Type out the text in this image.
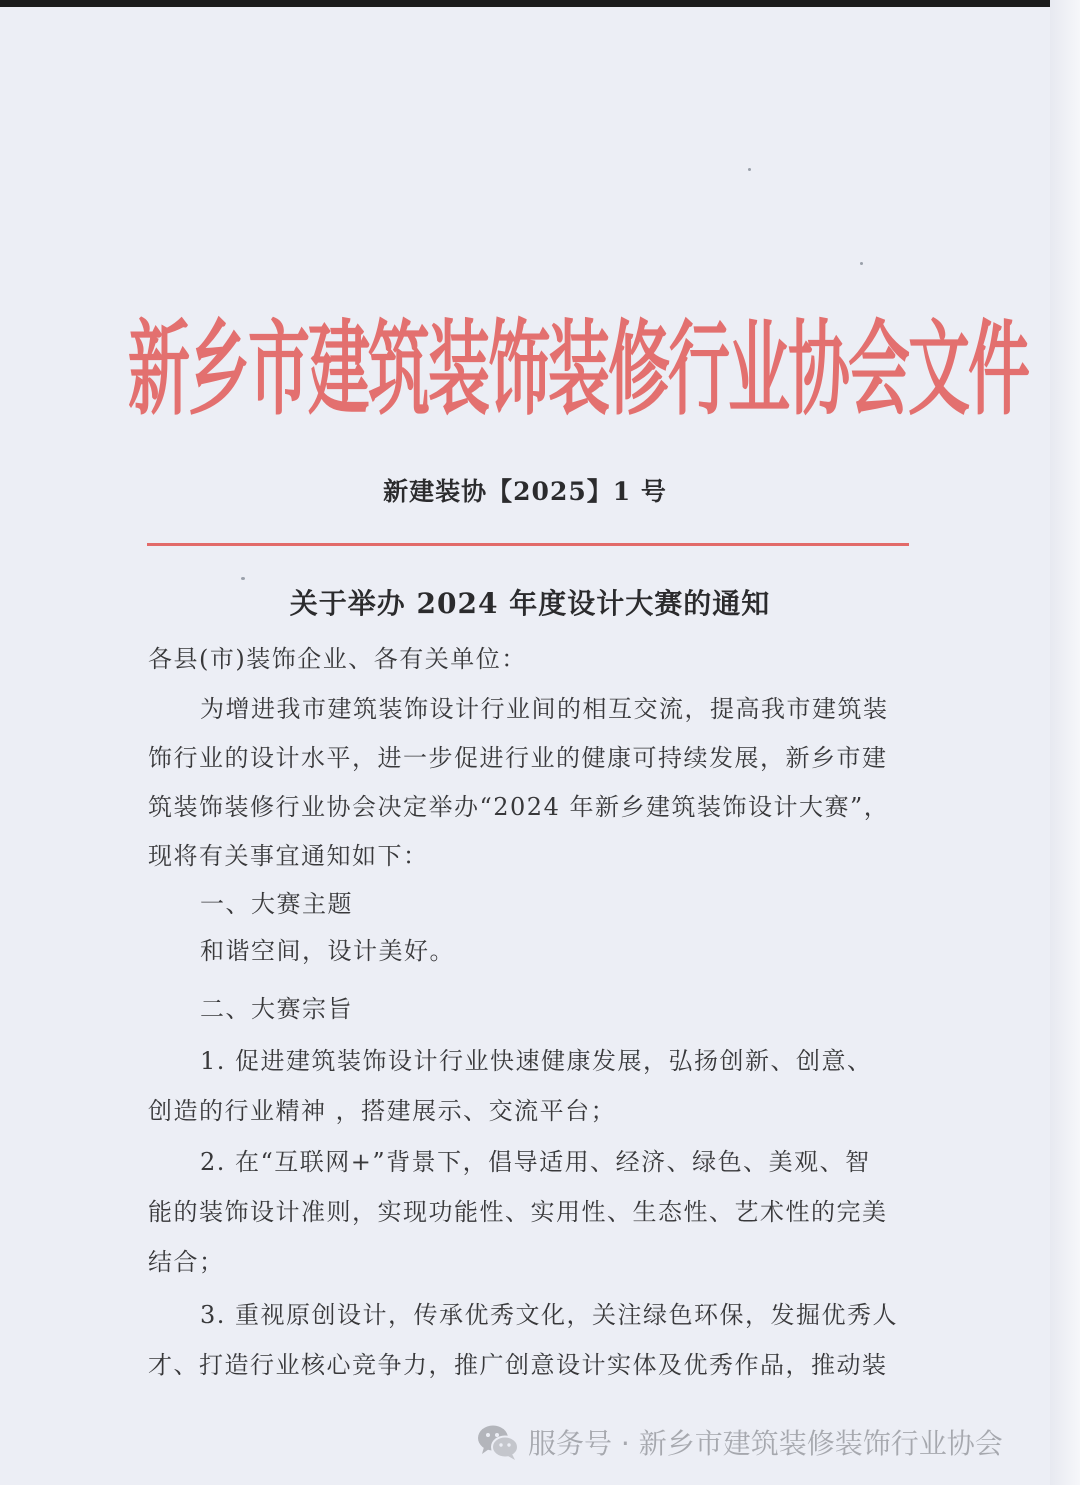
新乡市建筑装饰装修行业协会文件
新建装协【2025】1 号
关于举办 2024 年度设计大赛的通知

各县(市)装饰企业、各有关单位：

为增进我市建筑装饰设计行业间的相互交流，提高我市建筑装
饰行业的设计水平，进一步促进行业的健康可持续发展，新乡市建
筑装饰装修行业协会决定举办“2024 年新乡建筑装饰设计大赛”，
现将有关事宜通知如下：
一、大赛主题
和谐空间，设计美好。
二、大赛宗旨
1. 促进建筑装饰设计行业快速健康发展，弘扬创新、创意、
创造的行业精神 ，搭建展示、交流平台；
2. 在“互联网+”背景下，倡导适用、经济、绿色、美观、智
能的装饰设计准则，实现功能性、实用性、生态性、艺术性的完美
结合；
3. 重视原创设计，传承优秀文化，关注绿色环保，发掘优秀人
才、打造行业核心竞争力，推广创意设计实体及优秀作品，推动装
服务号 · 新乡市建筑装修装饰行业协会
